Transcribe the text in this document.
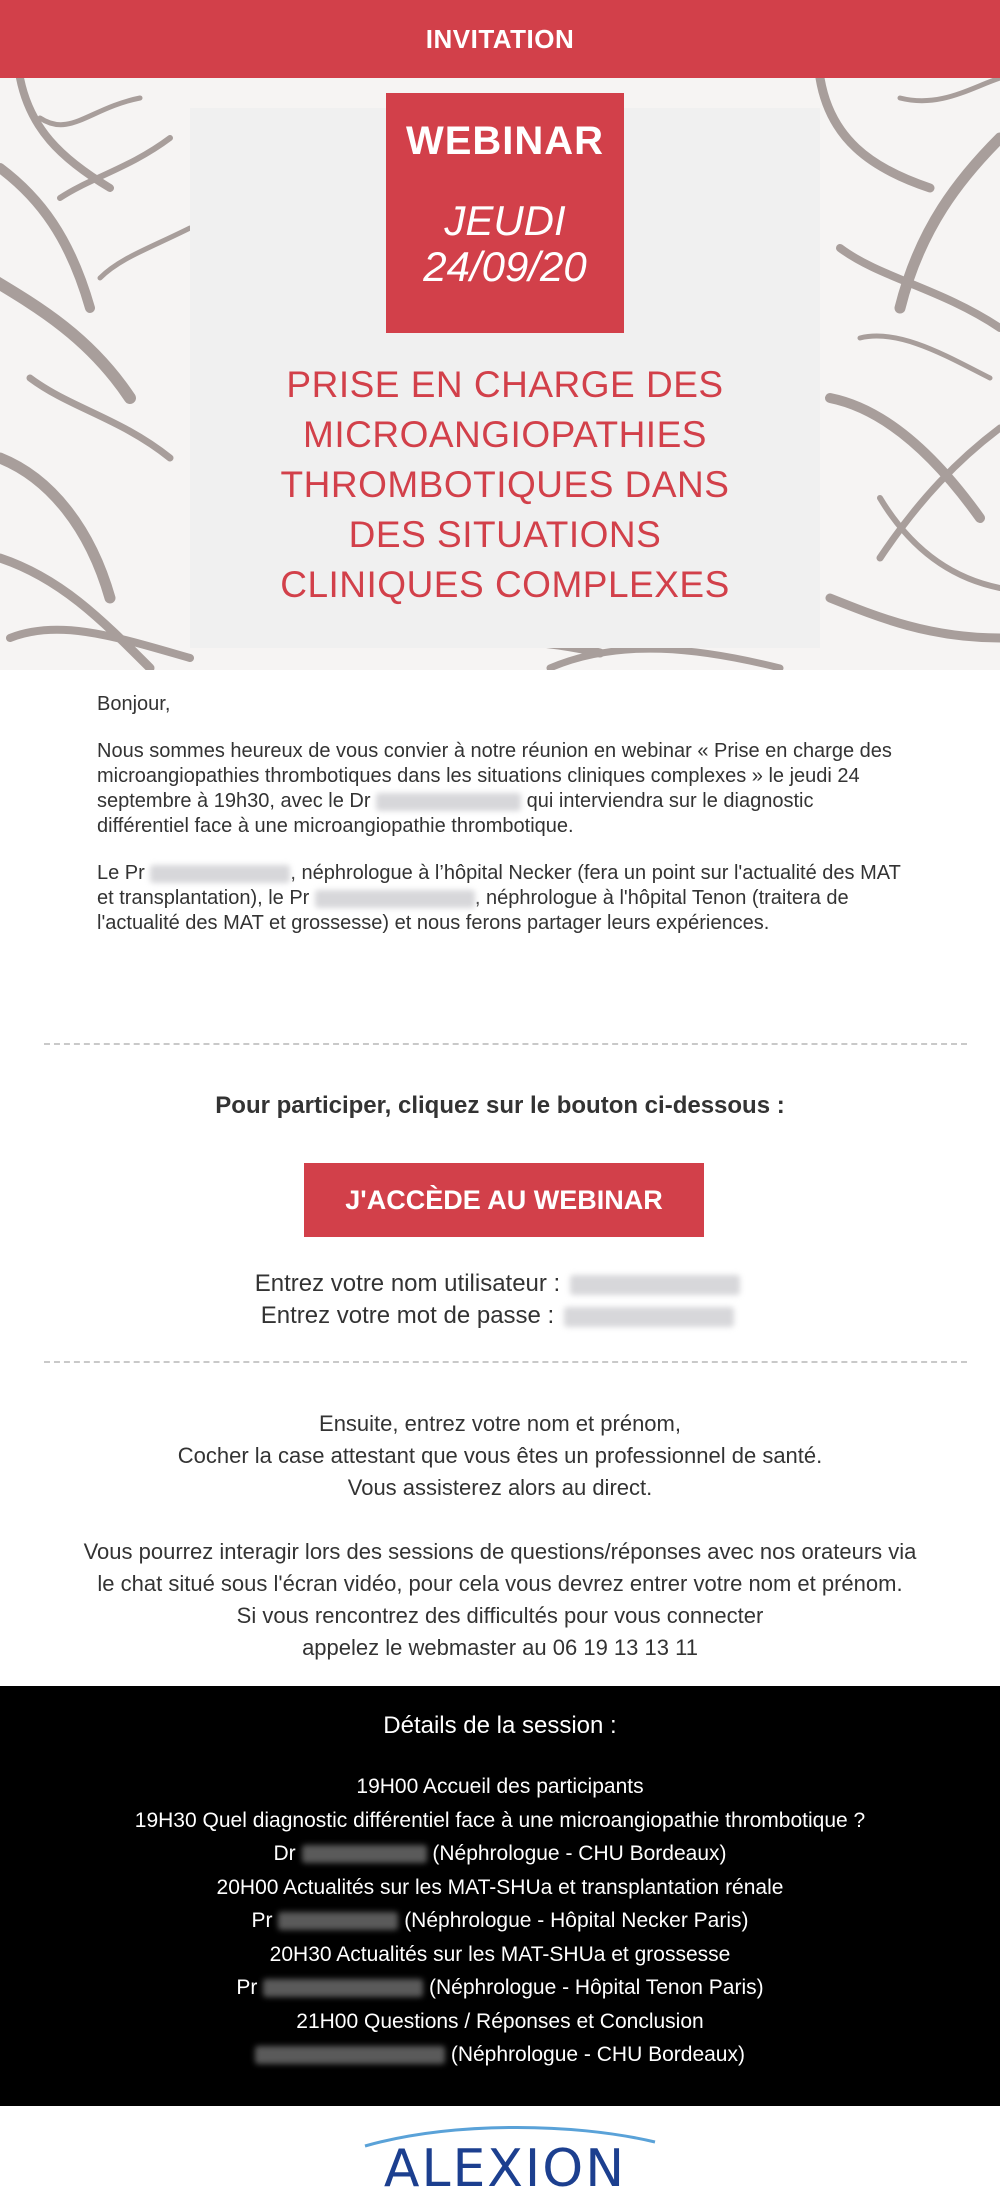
INVITATION
WEBINAR
JEUDI
24/09/20
PRISE EN CHARGE DES
MICROANGIOPATHIES
THROMBOTIQUES DANS
DES SITUATIONS
CLINIQUES COMPLEXES

Bonjour,

Nous sommes heureux de vous convier à notre réunion en webinar « Prise en charge des microangiopathies thrombotiques dans les situations cliniques complexes » le jeudi 24 septembre à 19h30, avec le Dr	qui interviendra sur le diagnostic différentiel face à une microangiopathie thrombotique.

Le Pr	, néphrologue à l’hôpital Necker (fera un point sur l'actualité des MAT et transplantation), le Pr	, néphrologue à l'hôpital Tenon (traitera de l'actualité des MAT et grossesse) et nous ferons partager leurs expériences.

Pour participer, cliquez sur le bouton ci-dessous :
J'ACCÈDE AU WEBINAR
Entrez votre nom utilisateur :
Entrez votre mot de passe :
Ensuite, entrez votre nom et prénom,
Cocher la case attestant que vous êtes un professionnel de santé.
Vous assisterez alors au direct.
Vous pourrez interagir lors des sessions de questions/réponses avec nos orateurs via
le chat situé sous l'écran vidéo, pour cela vous devrez entrer votre nom et prénom.
Si vous rencontrez des difficultés pour vous connecter
appelez le webmaster au 06 19 13 13 11
Détails de la session :
19H00 Accueil des participants
19H30 Quel diagnostic différentiel face à une microangiopathie thrombotique ?
Dr	(Néphrologue - CHU Bordeaux)
20H00 Actualités sur les MAT-SHUa et transplantation rénale
Pr	(Néphrologue - Hôpital Necker Paris)
20H30 Actualités sur les MAT-SHUa et grossesse
Pr	(Néphrologue - Hôpital Tenon Paris)
21H00 Questions / Réponses et Conclusion
(Néphrologue - CHU Bordeaux)
ALEXION
